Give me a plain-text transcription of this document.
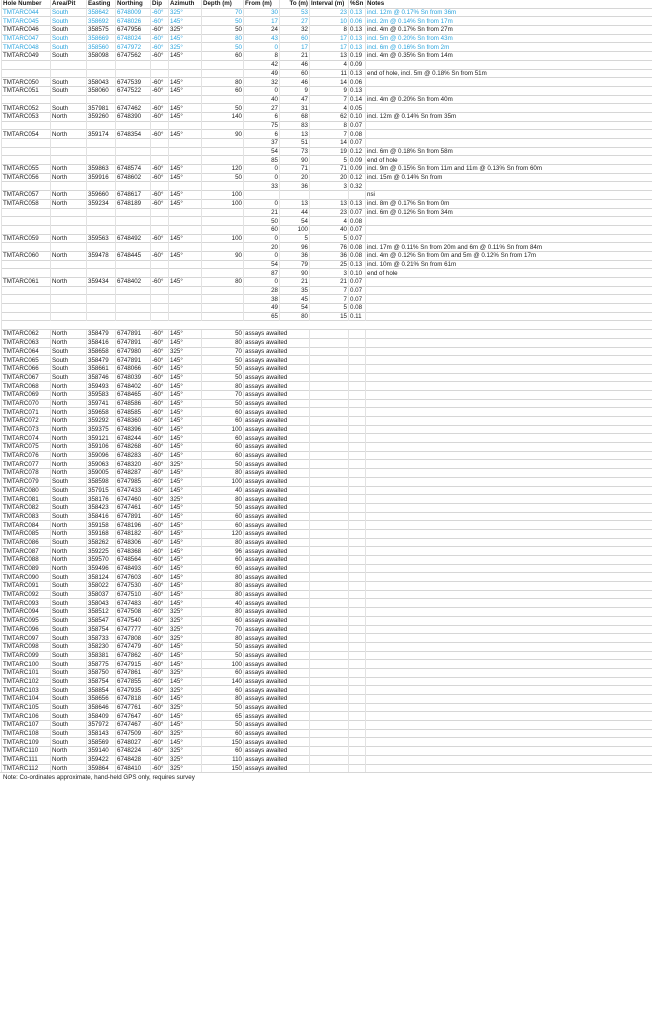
Hole Number	Area/Pit	Easting	Northing	Dip	Azimuth	Depth (m)	From (m)	To (m)	Interval (m)	%Sn	Notes
TMTARC044	South	358642	6748009	-60°	325°	70	30	53	23	0.13	incl. 12m @ 0.17% Sn from 36m
TMTARC045	South	358692	6748026	-60°	145°	50	17	27	10	0.06	incl. 2m @ 0.14% Sn from 17m
TMTARC046	South	358575	6747956	-60°	325°	50	24	32	8	0.13	incl. 4m @ 0.17% Sn from 27m
TMTARC047	South	358669	6748024	-60°	145°	80	43	60	17	0.13	incl. 5m @ 0.20% Sn from 43m
TMTARC048	South	358560	6747972	-60°	325°	50	0	17	17	0.13	incl. 6m @ 0.16% Sn from 2m
TMTARC049	South	358098	6747562	-60°	145°	60	8	21	13	0.19	incl. 4m @ 0.35% Sn from 14m
							42	46	4	0.09	
							49	60	11	0.13	end of hole, incl. 5m @ 0.18% Sn from 51m
TMTARC050	South	358043	6747539	-60°	145°	80	32	46	14	0.06	
TMTARC051	South	358060	6747522	-60°	145°	60	0	9	9	0.13	
							40	47	7	0.14	incl. 4m @ 0.20% Sn from 40m
TMTARC052	South	357981	6747462	-60°	145°	50	27	31	4	0.05	
TMTARC053	North	359260	6748390	-60°	145°	140	6	68	62	0.10	incl. 12m @ 0.14% Sn from 35m
							75	83	8	0.07	
TMTARC054	North	359174	6748354	-60°	145°	90	6	13	7	0.08	
							37	51	14	0.07	
							54	73	19	0.12	incl. 6m @ 0.18% Sn from 58m
							85	90	5	0.09	end of hole
TMTARC055	North	359863	6748574	-60°	145°	120	0	71	71	0.09	incl. 9m @ 0.15% Sn from 11m and 11m @ 0.13% Sn from 60m
TMTARC056	North	359916	6748602	-60°	145°	50	0	20	20	0.12	incl. 15m @ 0.14% Sn from
							33	36	3	0.32	
TMTARC057	North	359660	6748617	-60°	145°	100					nsi
TMTARC058	North	359234	6748189	-60°	145°	100	0	13	13	0.13	incl. 8m @ 0.17% Sn from 0m
							21	44	23	0.07	incl. 6m @ 0.12% Sn from 34m
							50	54	4	0.08	
							60	100	40	0.07	
TMTARC059	North	359563	6748492	-60°	145°	100	0	5	5	0.07	
							20	96	76	0.08	incl. 17m @ 0.11% Sn from 20m and 6m @ 0.11% Sn from 84m
TMTARC060	North	359478	6748445	-60°	145°	90	0	36	36	0.08	incl. 4m @ 0.12% Sn from 0m and 5m @ 0.12% Sn from 17m
							54	79	25	0.13	incl. 10m @ 0.21% Sn from 61m
							87	90	3	0.10	end of hole
TMTARC061	North	359434	6748402	-60°	145°	80	0	21	21	0.07	
							28	35	7	0.07	
							38	45	7	0.07	
							49	54	5	0.08	
							65	80	15	0.11	

TMTARC062	North	358479	6747891	-60°	145°	50	assays awaited				
TMTARC063	North	358416	6747891	-60°	145°	80	assays awaited				
TMTARC064	South	358658	6747980	-60°	325°	70	assays awaited				
TMTARC065	South	358479	6747891	-60°	145°	50	assays awaited				
TMTARC066	South	358661	6748066	-60°	145°	50	assays awaited				
TMTARC067	South	358746	6748039	-60°	145°	50	assays awaited				
TMTARC068	North	359493	6748402	-60°	145°	80	assays awaited				
TMTARC069	North	359583	6748465	-60°	145°	70	assays awaited				
TMTARC070	North	359741	6748586	-60°	145°	50	assays awaited				
TMTARC071	North	359658	6748585	-60°	145°	60	assays awaited				
TMTARC072	North	359292	6748360	-60°	145°	60	assays awaited				
TMTARC073	North	359375	6748396	-60°	145°	100	assays awaited				
TMTARC074	North	359121	6748244	-60°	145°	60	assays awaited				
TMTARC075	North	359106	6748268	-60°	145°	60	assays awaited				
TMTARC076	North	359096	6748283	-60°	145°	60	assays awaited				
TMTARC077	North	359063	6748320	-60°	325°	50	assays awaited				
TMTARC078	North	359005	6748287	-60°	145°	80	assays awaited				
TMTARC079	South	358598	6747985	-60°	145°	100	assays awaited				
TMTARC080	South	357915	6747433	-60°	145°	40	assays awaited				
TMTARC081	South	358176	6747460	-60°	325°	80	assays awaited				
TMTARC082	South	358423	6747461	-60°	145°	50	assays awaited				
TMTARC083	South	358416	6747891	-60°	145°	60	assays awaited				
TMTARC084	North	359158	6748196	-60°	145°	60	assays awaited				
TMTARC085	North	359168	6748182	-60°	145°	120	assays awaited				
TMTARC086	South	358262	6748306	-60°	145°	80	assays awaited				
TMTARC087	North	359225	6748368	-60°	145°	96	assays awaited				
TMTARC088	North	359570	6748564	-60°	145°	60	assays awaited				
TMTARC089	North	359496	6748493	-60°	145°	60	assays awaited				
TMTARC090	South	358124	6747603	-60°	145°	80	assays awaited				
TMTARC091	South	358022	6747530	-60°	145°	80	assays awaited				
TMTARC092	South	358037	6747510	-60°	145°	80	assays awaited				
TMTARC093	South	358043	6747483	-60°	145°	40	assays awaited				
TMTARC094	South	358512	6747508	-60°	325°	80	assays awaited				
TMTARC095	South	358547	6747540	-60°	325°	60	assays awaited				
TMTARC096	South	358754	6747777	-60°	325°	70	assays awaited				
TMTARC097	South	358733	6747808	-60°	325°	80	assays awaited				
TMTARC098	South	358230	6747479	-60°	145°	50	assays awaited				
TMTARC099	South	358381	6747862	-60°	145°	50	assays awaited				
TMTARC100	South	358775	6747915	-60°	145°	100	assays awaited				
TMTARC101	South	358750	6747861	-60°	325°	60	assays awaited				
TMTARC102	South	358754	6747855	-60°	145°	140	assays awaited				
TMTARC103	South	358854	6747935	-60°	325°	60	assays awaited				
TMTARC104	South	358656	6747818	-60°	145°	80	assays awaited				
TMTARC105	South	358646	6747761	-60°	325°	50	assays awaited				
TMTARC106	South	358409	6747647	-60°	145°	65	assays awaited				
TMTARC107	South	357972	6747467	-60°	145°	50	assays awaited				
TMTARC108	South	358143	6747509	-60°	325°	60	assays awaited				
TMTARC109	South	358569	6748027	-60°	145°	150	assays awaited				
TMTARC110	North	359140	6748224	-60°	325°	60	assays awaited				
TMTARC111	North	359422	6748428	-60°	325°	110	assays awaited				
TMTARC112	North	359864	6748410	-60°	325°	150	assays awaited				
Note: Co-ordinates approximate, hand-held GPS only, requires survey
